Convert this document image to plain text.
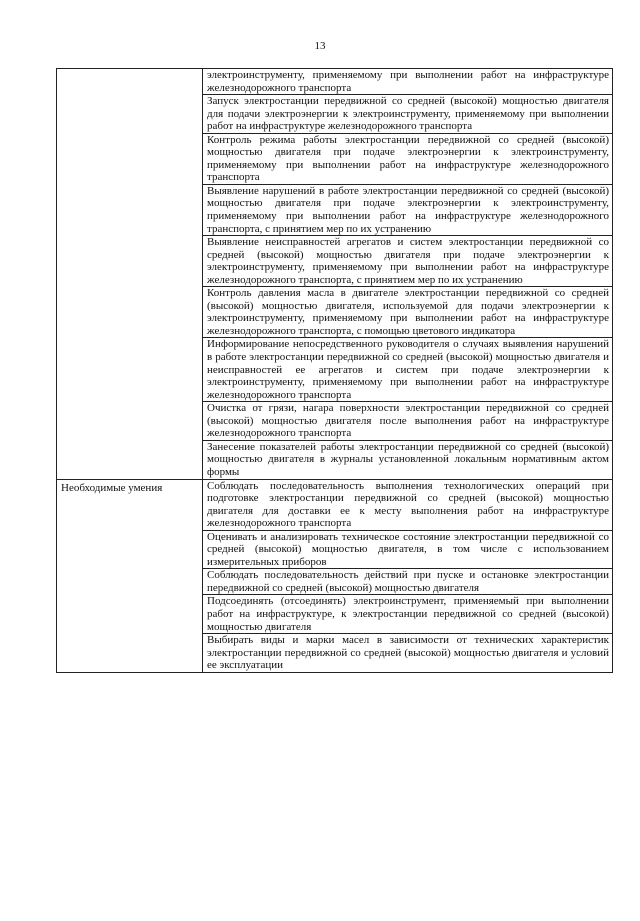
13
	электроинструменту, применяемому при выполнении работ на инфраструктуре железнодорожного транспорта
	Запуск электростанции передвижной со средней (высокой) мощностью двигателя для подачи электроэнергии к электроинструменту, применяемому при выполнении работ на инфраструктуре железнодорожного транспорта
	Контроль режима работы электростанции передвижной со средней (высокой) мощностью двигателя при подаче электроэнергии к электроинструменту, применяемому при выполнении работ на инфраструктуре железнодорожного транспорта
	Выявление нарушений в работе электростанции передвижной со средней (высокой) мощностью двигателя при подаче электроэнергии к электроинструменту, применяемому при выполнении работ на инфраструктуре железнодорожного транспорта, с принятием мер по их устранению
	Выявление неисправностей агрегатов и систем электростанции передвижной со средней (высокой) мощностью двигателя при подаче электроэнергии к электроинструменту, применяемому при выполнении работ на инфраструктуре железнодорожного транспорта, с принятием мер по их устранению
	Контроль давления масла в двигателе электростанции передвижной со средней (высокой) мощностью двигателя, используемой для подачи электроэнергии к электроинструменту, применяемому при выполнении работ на инфраструктуре железнодорожного транспорта, с помощью цветового индикатора
	Информирование непосредственного руководителя о случаях выявления нарушений в работе электростанции передвижной со средней (высокой) мощностью двигателя и неисправностей ее агрегатов и систем при подаче электроэнергии к электроинструменту, применяемому при выполнении работ на инфраструктуре железнодорожного транспорта
	Очистка от грязи, нагара поверхности электростанции передвижной со средней (высокой) мощностью двигателя после выполнения работ на инфраструктуре железнодорожного транспорта
	Занесение показателей работы электростанции передвижной со средней (высокой) мощностью двигателя в журналы установленной локальным нормативным актом формы
Необходимые умения	Соблюдать последовательность выполнения технологических операций при подготовке электростанции передвижной со средней (высокой) мощностью двигателя для доставки ее к месту выполнения работ на инфраструктуре железнодорожного транспорта
	Оценивать и анализировать техническое состояние электростанции передвижной со средней (высокой) мощностью двигателя, в том числе с использованием измерительных приборов
	Соблюдать последовательность действий при пуске и остановке электростанции передвижной со средней (высокой) мощностью двигателя
	Подсоединять (отсоединять) электроинструмент, применяемый при выполнении работ на инфраструктуре, к электростанции передвижной со средней (высокой) мощностью двигателя
	Выбирать виды и марки масел в зависимости от технических характеристик электростанции передвижной со средней (высокой) мощностью двигателя и условий ее эксплуатации
